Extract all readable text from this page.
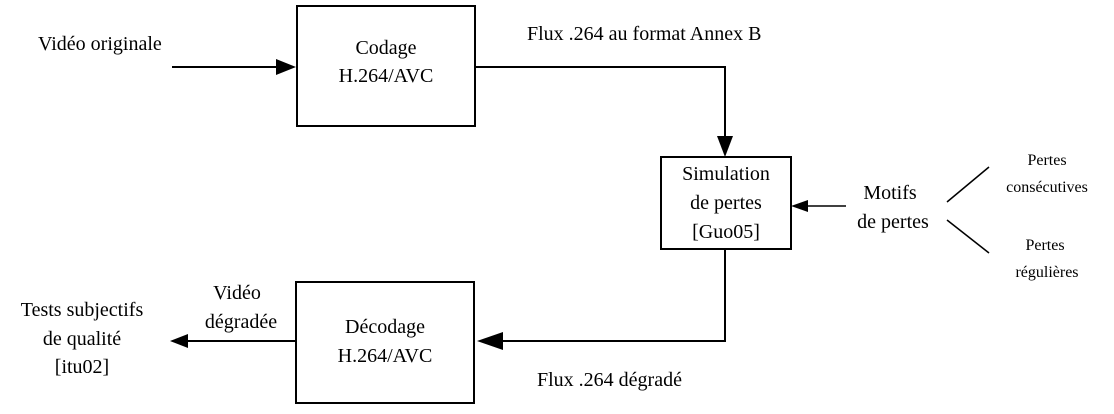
Vidéo originale	Codage
H.264/AVC
Flux .264 au format Annex B
Simulation
de pertes
[Guo05]
Motifs
de pertes
Pertes
consécutives
Pertes
régulières
Flux .264 dégradé
Décodage
H.264/AVC
Vidéo
dégradée
Tests subjectifs
de qualité
[itu02]
